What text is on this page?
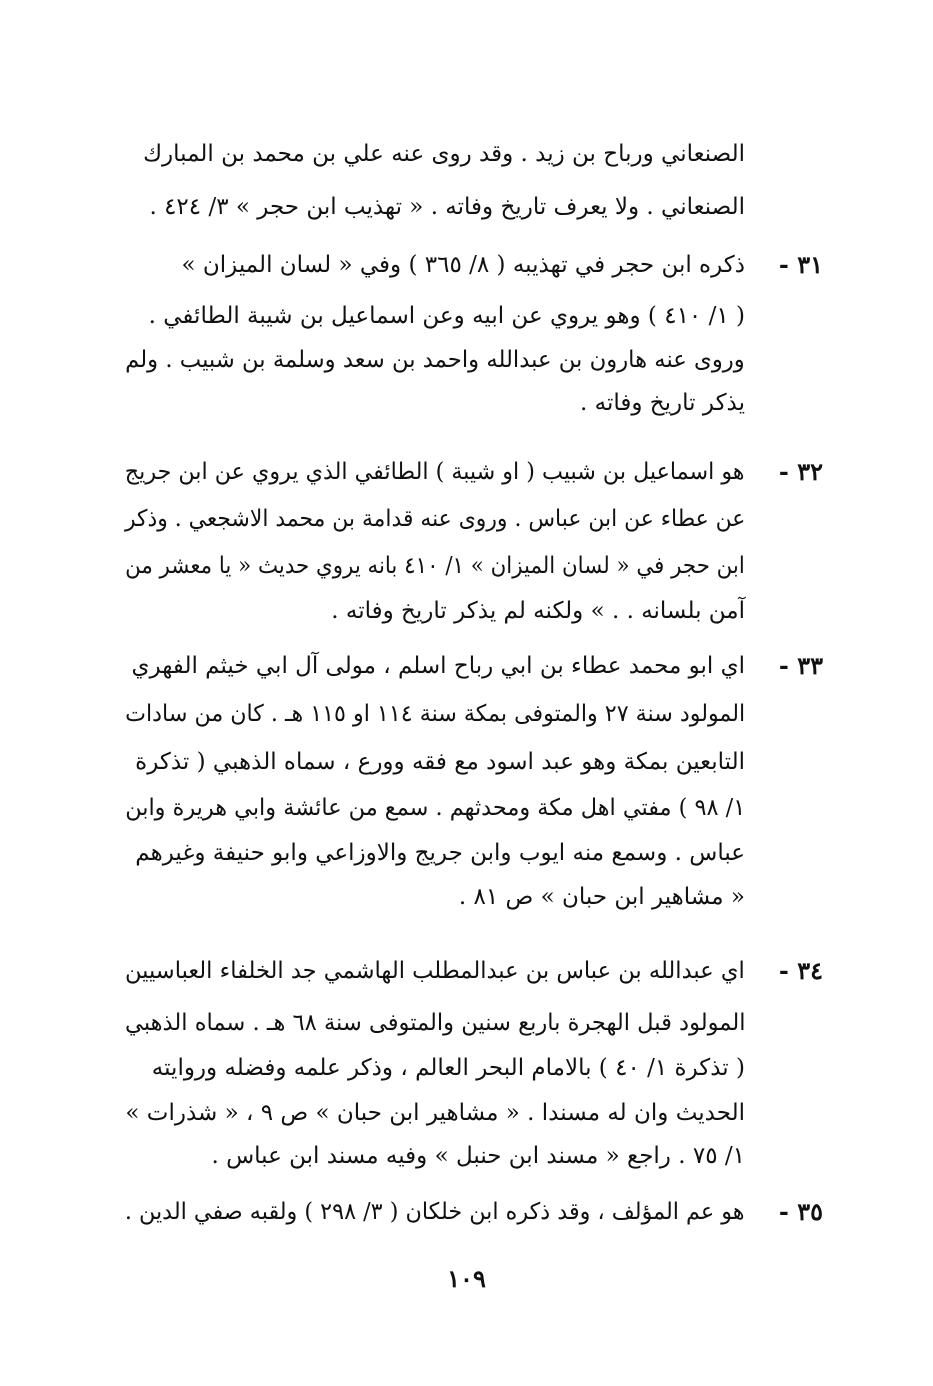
الصنعاني ورباح بن زيد . وقد روى عنه علي بن محمد بن المبارك
الصنعاني . ولا يعرف تاريخ وفاته . « تهذيب ابن حجر » ٣/ ٤٢٤ .
٣١ -
ذكره ابن حجر في تهذيبه ( ٨/ ٣٦٥ ) وفي « لسان الميزان »
( ١/ ٤١٠ ) وهو يروي عن ابيه وعن اسماعيل بن شيبة الطائفي .
وروى عنه هارون بن عبدالله واحمد بن سعد وسلمة بن شبيب . ولم
يذكر تاريخ وفاته .
٣٢ -
هو اسماعيل بن شبيب ( او شيبة ) الطائفي الذي يروي عن ابن جريج
عن عطاء عن ابن عباس . وروى عنه قدامة بن محمد الاشجعي . وذكر
ابن حجر في « لسان الميزان » ١/ ٤١٠ بانه يروي حديث « يا معشر من
آمن بلسانه . . » ولكنه لم يذكر تاريخ وفاته .
٣٣ -
اي ابو محمد عطاء بن ابي رباح اسلم ، مولى آل ابي خيثم الفهري
المولود سنة ٢٧ والمتوفى بمكة سنة ١١٤ او ١١٥ هـ . كان من سادات
التابعين بمكة وهو عبد اسود مع فقه وورع ، سماه الذهبي ( تذكرة
١/ ٩٨ ) مفتي اهل مكة ومحدثهم . سمع من عائشة وابي هريرة وابن
عباس . وسمع منه ايوب وابن جريج والاوزاعي وابو حنيفة وغيرهم
« مشاهير ابن حبان » ص ٨١ .
٣٤ -
اي عبدالله بن عباس بن عبدالمطلب الهاشمي جد الخلفاء العباسيين
المولود قبل الهجرة باربع سنين والمتوفى سنة ٦٨ هـ . سماه الذهبي
( تذكرة ١/ ٤٠ ) بالامام البحر العالم ، وذكر علمه وفضله وروايته
الحديث وان له مسندا . « مشاهير ابن حبان » ص ٩ ، « شذرات »
١/ ٧٥ . راجع « مسند ابن حنبل » وفيه مسند ابن عباس .
٣٥ -
هو عم المؤلف ، وقد ذكره ابن خلكان ( ٣/ ٢٩٨ ) ولقبه صفي الدين .
١٠٩
